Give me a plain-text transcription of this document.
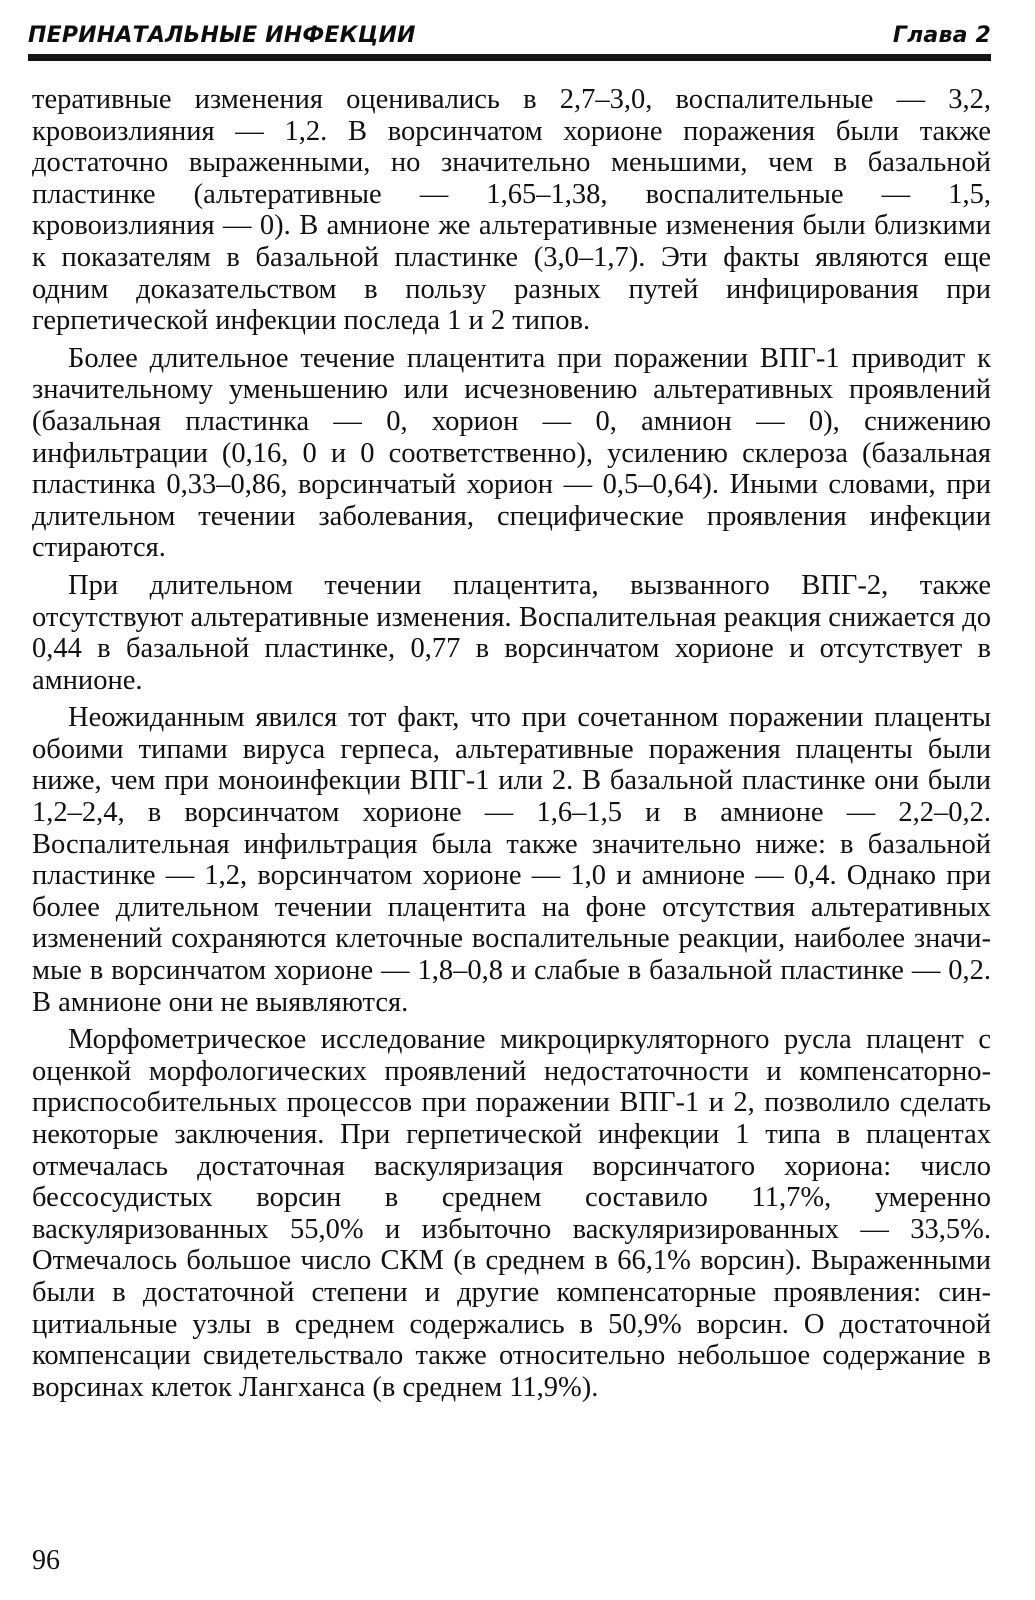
ПЕРИНАТАЛЬНЫЕ ИНФЕКЦИИ	Глава 2

теративные изменения оценивались в 2,7–3,0, воспалительные — 3,2, кровоизлияния — 1,2. В ворсинчатом хорионе поражения были также достаточно выраженными, но значительно меньшими, чем в базальной пластинке (альтеративные — 1,65–1,38, воспалительные — 1,5, кровоизлияния — 0). В амнионе же альтеративные изменения были близкими к показателям в базальной пластинке (3,0–1,7). Эти факты являются еще одним доказательством в пользу разных путей инфицирования при герпетической инфекции последа 1 и 2 типов.

Более длительное течение плацентита при поражении ВПГ-1 приводит к значительному уменьшению или исчезновению альтеративных проявлений (базальная пластинка — 0, хорион — 0, амнион — 0), снижению инфильтрации (0,16, 0 и 0 соответственно), усилению склероза (базальная пластинка 0,33–0,86, ворсинчатый хорион — 0,5–0,64). Иными словами, при длительном течении заболевания, специфические проявления инфекции стираются.

При длительном течении плацентита, вызванного ВПГ-2, также отсутствуют альтеративные изменения. Воспалительная реакция снижается до 0,44 в базальной пластинке, 0,77 в ворсинчатом хорионе и отсутствует в амнионе.

Неожиданным явился тот факт, что при сочетанном поражении плаценты обоими типами вируса герпеса, альтеративные поражения плаценты были ниже, чем при моноинфекции ВПГ-1 или 2. В базальной пластинке они были 1,2–2,4, в ворсинчатом хорионе — 1,6–1,5 и в амнионе — 2,2–0,2. Воспалительная инфильтрация была также значительно ниже: в базальной пластинке — 1,2, ворсинчатом хорионе — 1,0 и амнионе — 0,4. Однако при более длительном течении плацентита на фоне отсутствия альтеративных изменений сохраняются клеточные воспалительные реакции, наиболее значимые в ворсинчатом хорионе — 1,8–0,8 и слабые в базальной пластинке — 0,2. В амнионе они не выявляются.

Морфометрическое исследование микроциркуляторного русла плацент с оценкой морфологических проявлений недостаточности и компенсаторно-приспособительных процессов при поражении ВПГ-1 и 2, позволило сделать некоторые заключения. При герпетической инфекции 1 типа в плацентах отмечалась достаточная васкуляризация ворсинчатого хориона: число бессосудистых ворсин в среднем составило 11,7%, умеренно васкуляризованных 55,0% и избыточно васкуляризированных — 33,5%. Отмечалось большое число СКМ (в среднем в 66,1% ворсин). Выраженными были в достаточной степени и другие компенсаторные проявления: синцитиальные узлы в среднем содержались в 50,9% ворсин. О достаточной компенсации свидетельствало также относительно небольшое содержание в ворсинах клеток Лангханса (в среднем 11,9%).

96
